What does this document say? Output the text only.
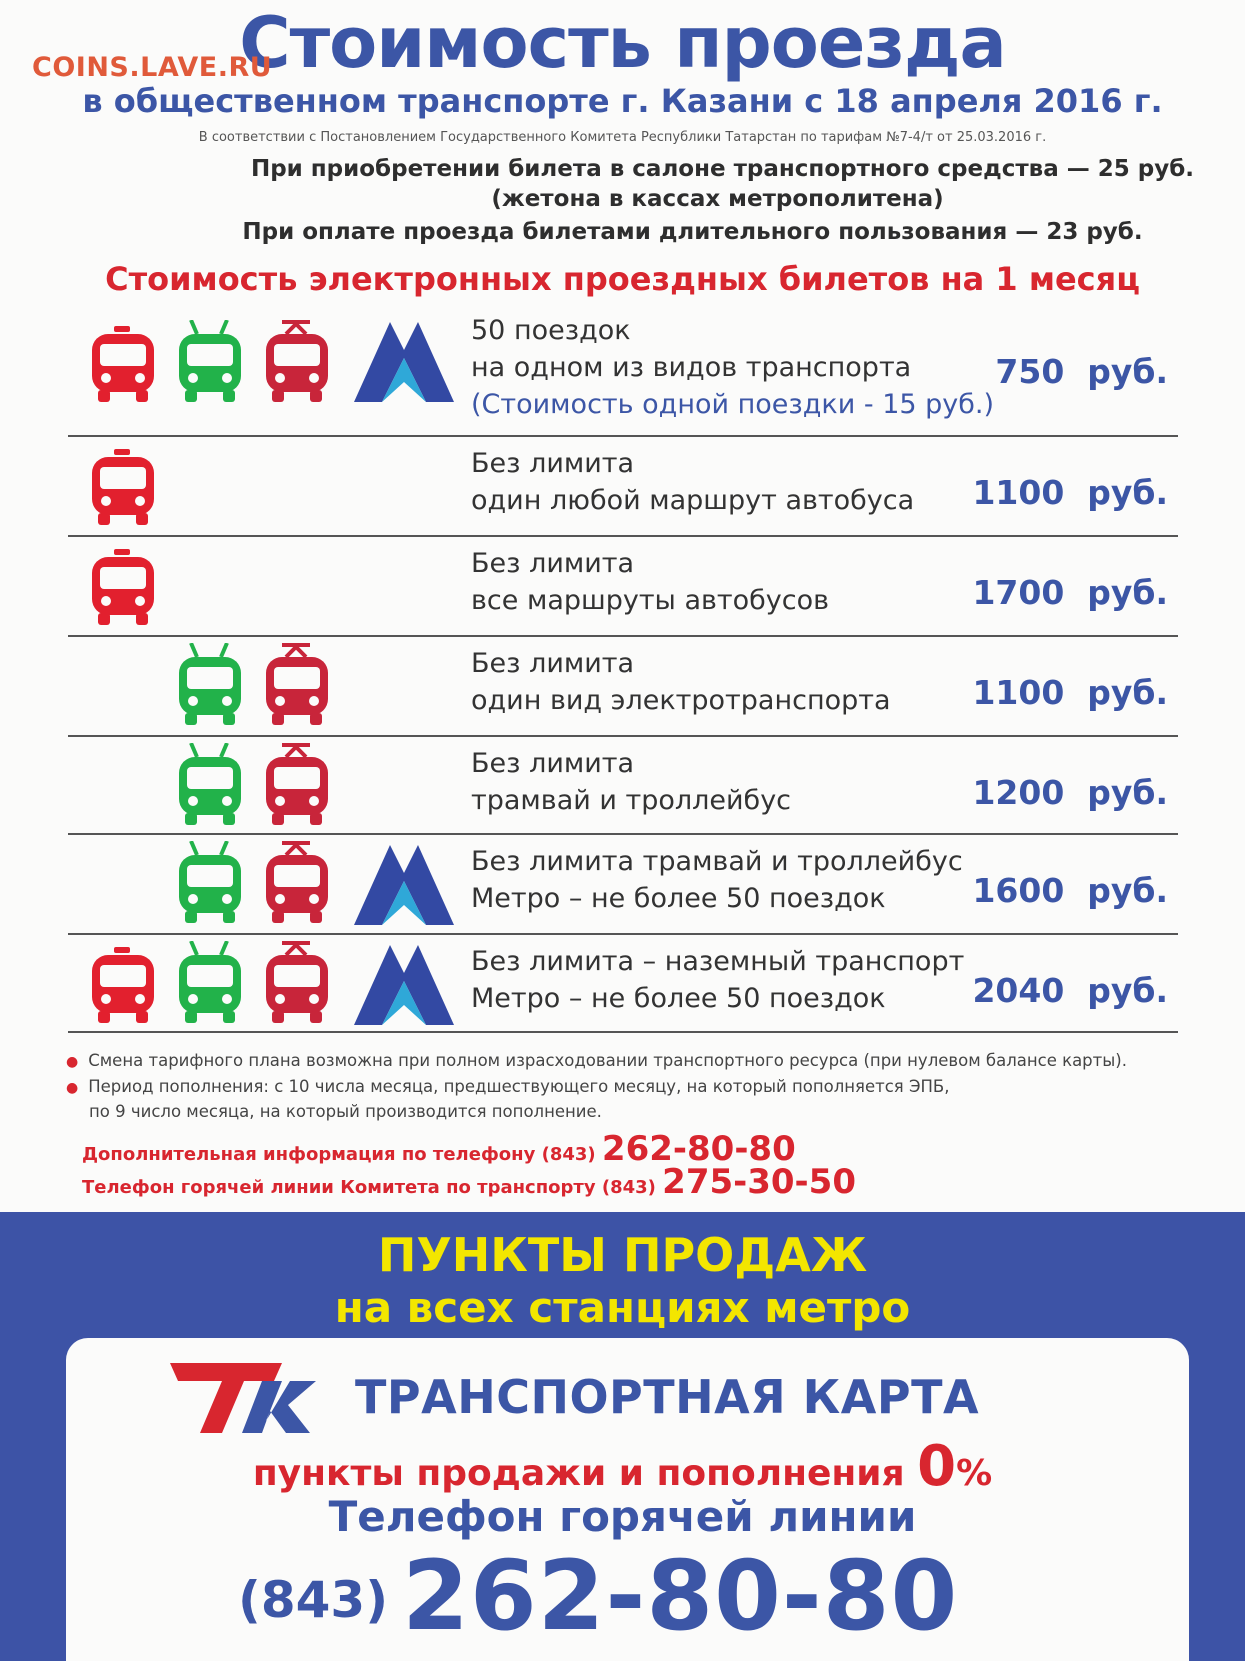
Стоимость проезда
COINS.LAVE.RU
в общественном транспорте г. Казани с 18 апреля 2016 г.
В соответствии с Постановлением Государственного Комитета Республики Татарстан по тарифам №7-4/т от 25.03.2016 г.
При приобретении билета в салоне транспортного средства — 25 руб.
(жетона в кассах метрополитена)
При оплате проезда билетами длительного пользования — 23 руб.
Стоимость электронных проездных билетов на 1 месяц
50 поездок
на одном из видов транспорта
(Стоимость одной поездки - 15 руб.)
750  руб.
Без лимита
один любой маршрут автобуса 1100  руб.
Без лимита
все маршруты автобусов	1700  руб.
Без лимита
один вид электротранспорта 1100  руб.
Без лимита
трамвай и троллейбус	1200  руб.
Без лимита трамвай и троллейбус
Метро – не более 50 поездок	1600  руб.
Без лимита – наземный транспорт
Метро – не более 50 поездок	2040  руб.
● Смена тарифного плана возможна при полном израсходовании транспортного ресурса (при нулевом балансе карты).
● Период пополнения: с 10 числа месяца, предшествующего месяцу, на который пополняется ЭПБ,
по 9 число месяца, на который производится пополнение.
Дополнительная информация по телефону (843) 262-80-80
Телефон горячей линии Комитета по транспорту (843) 275-30-50
ПУНКТЫ ПРОДАЖ
на всех станциях метро
ТРАНСПОРТНАЯ КАРТА
пункты продажи и пополнения 0%
Телефон горячей линии
(843) 262-80-80
